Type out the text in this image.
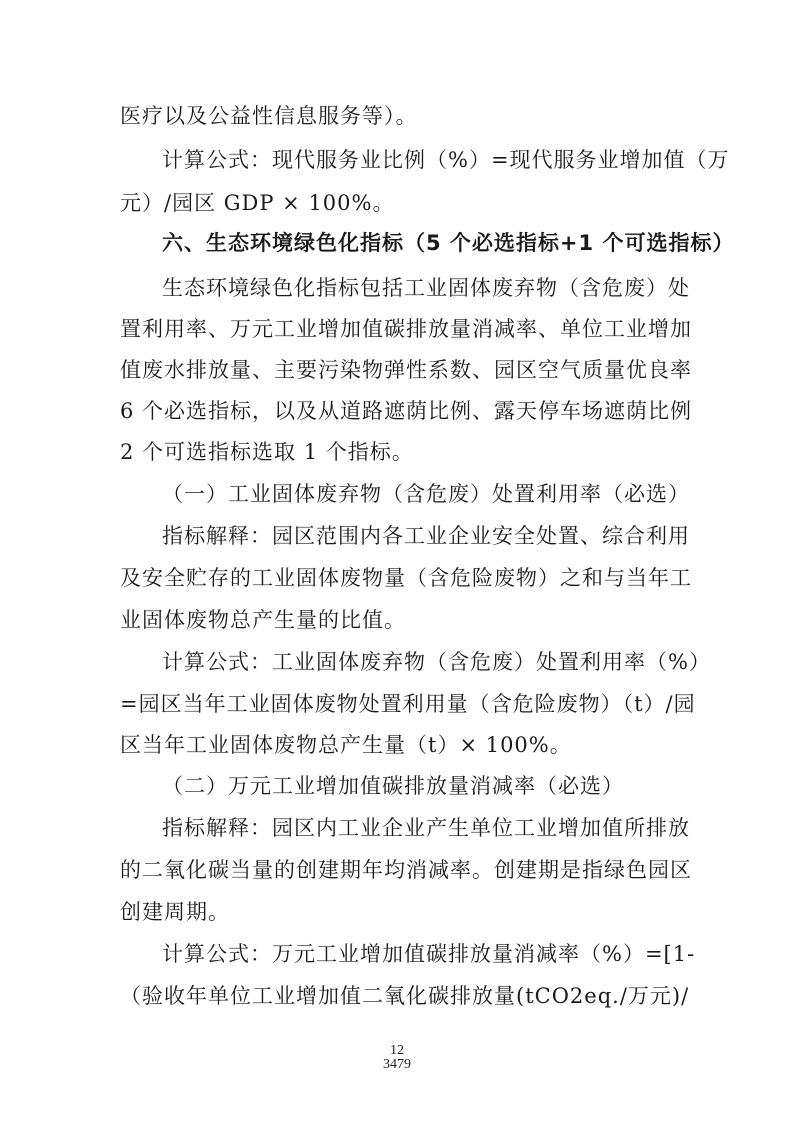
医疗以及公益性信息服务等）。
计算公式：现代服务业比例（%）=现代服务业增加值（万
元）/园区 GDP × 100%。
六、生态环境绿色化指标（5 个必选指标+1 个可选指标）
生态环境绿色化指标包括工业固体废弃物（含危废）处
置利用率、万元工业增加值碳排放量消减率、单位工业增加
值废水排放量、主要污染物弹性系数、园区空气质量优良率
6 个必选指标，以及从道路遮荫比例、露天停车场遮荫比例
2 个可选指标选取 1 个指标。
（一）工业固体废弃物（含危废）处置利用率（必选）
指标解释：园区范围内各工业企业安全处置、综合利用
及安全贮存的工业固体废物量（含危险废物）之和与当年工
业固体废物总产生量的比值。
计算公式：工业固体废弃物（含危废）处置利用率（%）
=园区当年工业固体废物处置利用量（含危险废物）（t）/园
区当年工业固体废物总产生量（t）× 100%。
（二）万元工业增加值碳排放量消减率（必选）
指标解释：园区内工业企业产生单位工业增加值所排放
的二氧化碳当量的创建期年均消减率。创建期是指绿色园区
创建周期。
计算公式：万元工业增加值碳排放量消减率（%）=[1-
（验收年单位工业增加值二氧化碳排放量(tCO2eq./万元)/
12
3479
